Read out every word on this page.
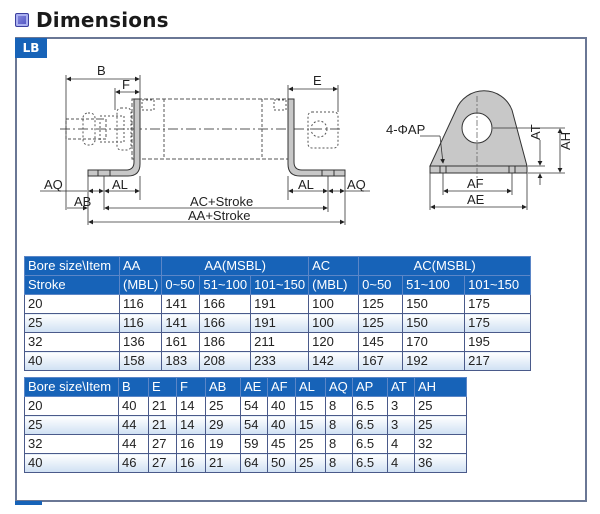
Dimensions
LB
B
F	E
AQ	AL
AB
AL	AQ
AC+Stroke
AA+Stroke
4-ΦAP	AT AH
AF
AE
Bore size\Item	AA	AA(MSBL)			AC	AC(MSBL)		
Stroke	(MBL)	0~50	51~100	101~150	(MBL)	0~50	51~100	101~150
20	116	141	166	191	100	125	150	175
25	116	141	166	191	100	125	150	175
32	136	161	186	211	120	145	170	195
40	158	183	208	233	142	167	192	217
Bore size\Item	B	E	F	AB	AE	AF	AL	AQ	AP	AT	AH
20	40	21	14	25	54	40	15	8	6.5	3	25
25	44	21	14	29	54	40	15	8	6.5	3	25
32	44	27	16	19	59	45	25	8	6.5	4	32
40	46	27	16	21	64	50	25	8	6.5	4	36
